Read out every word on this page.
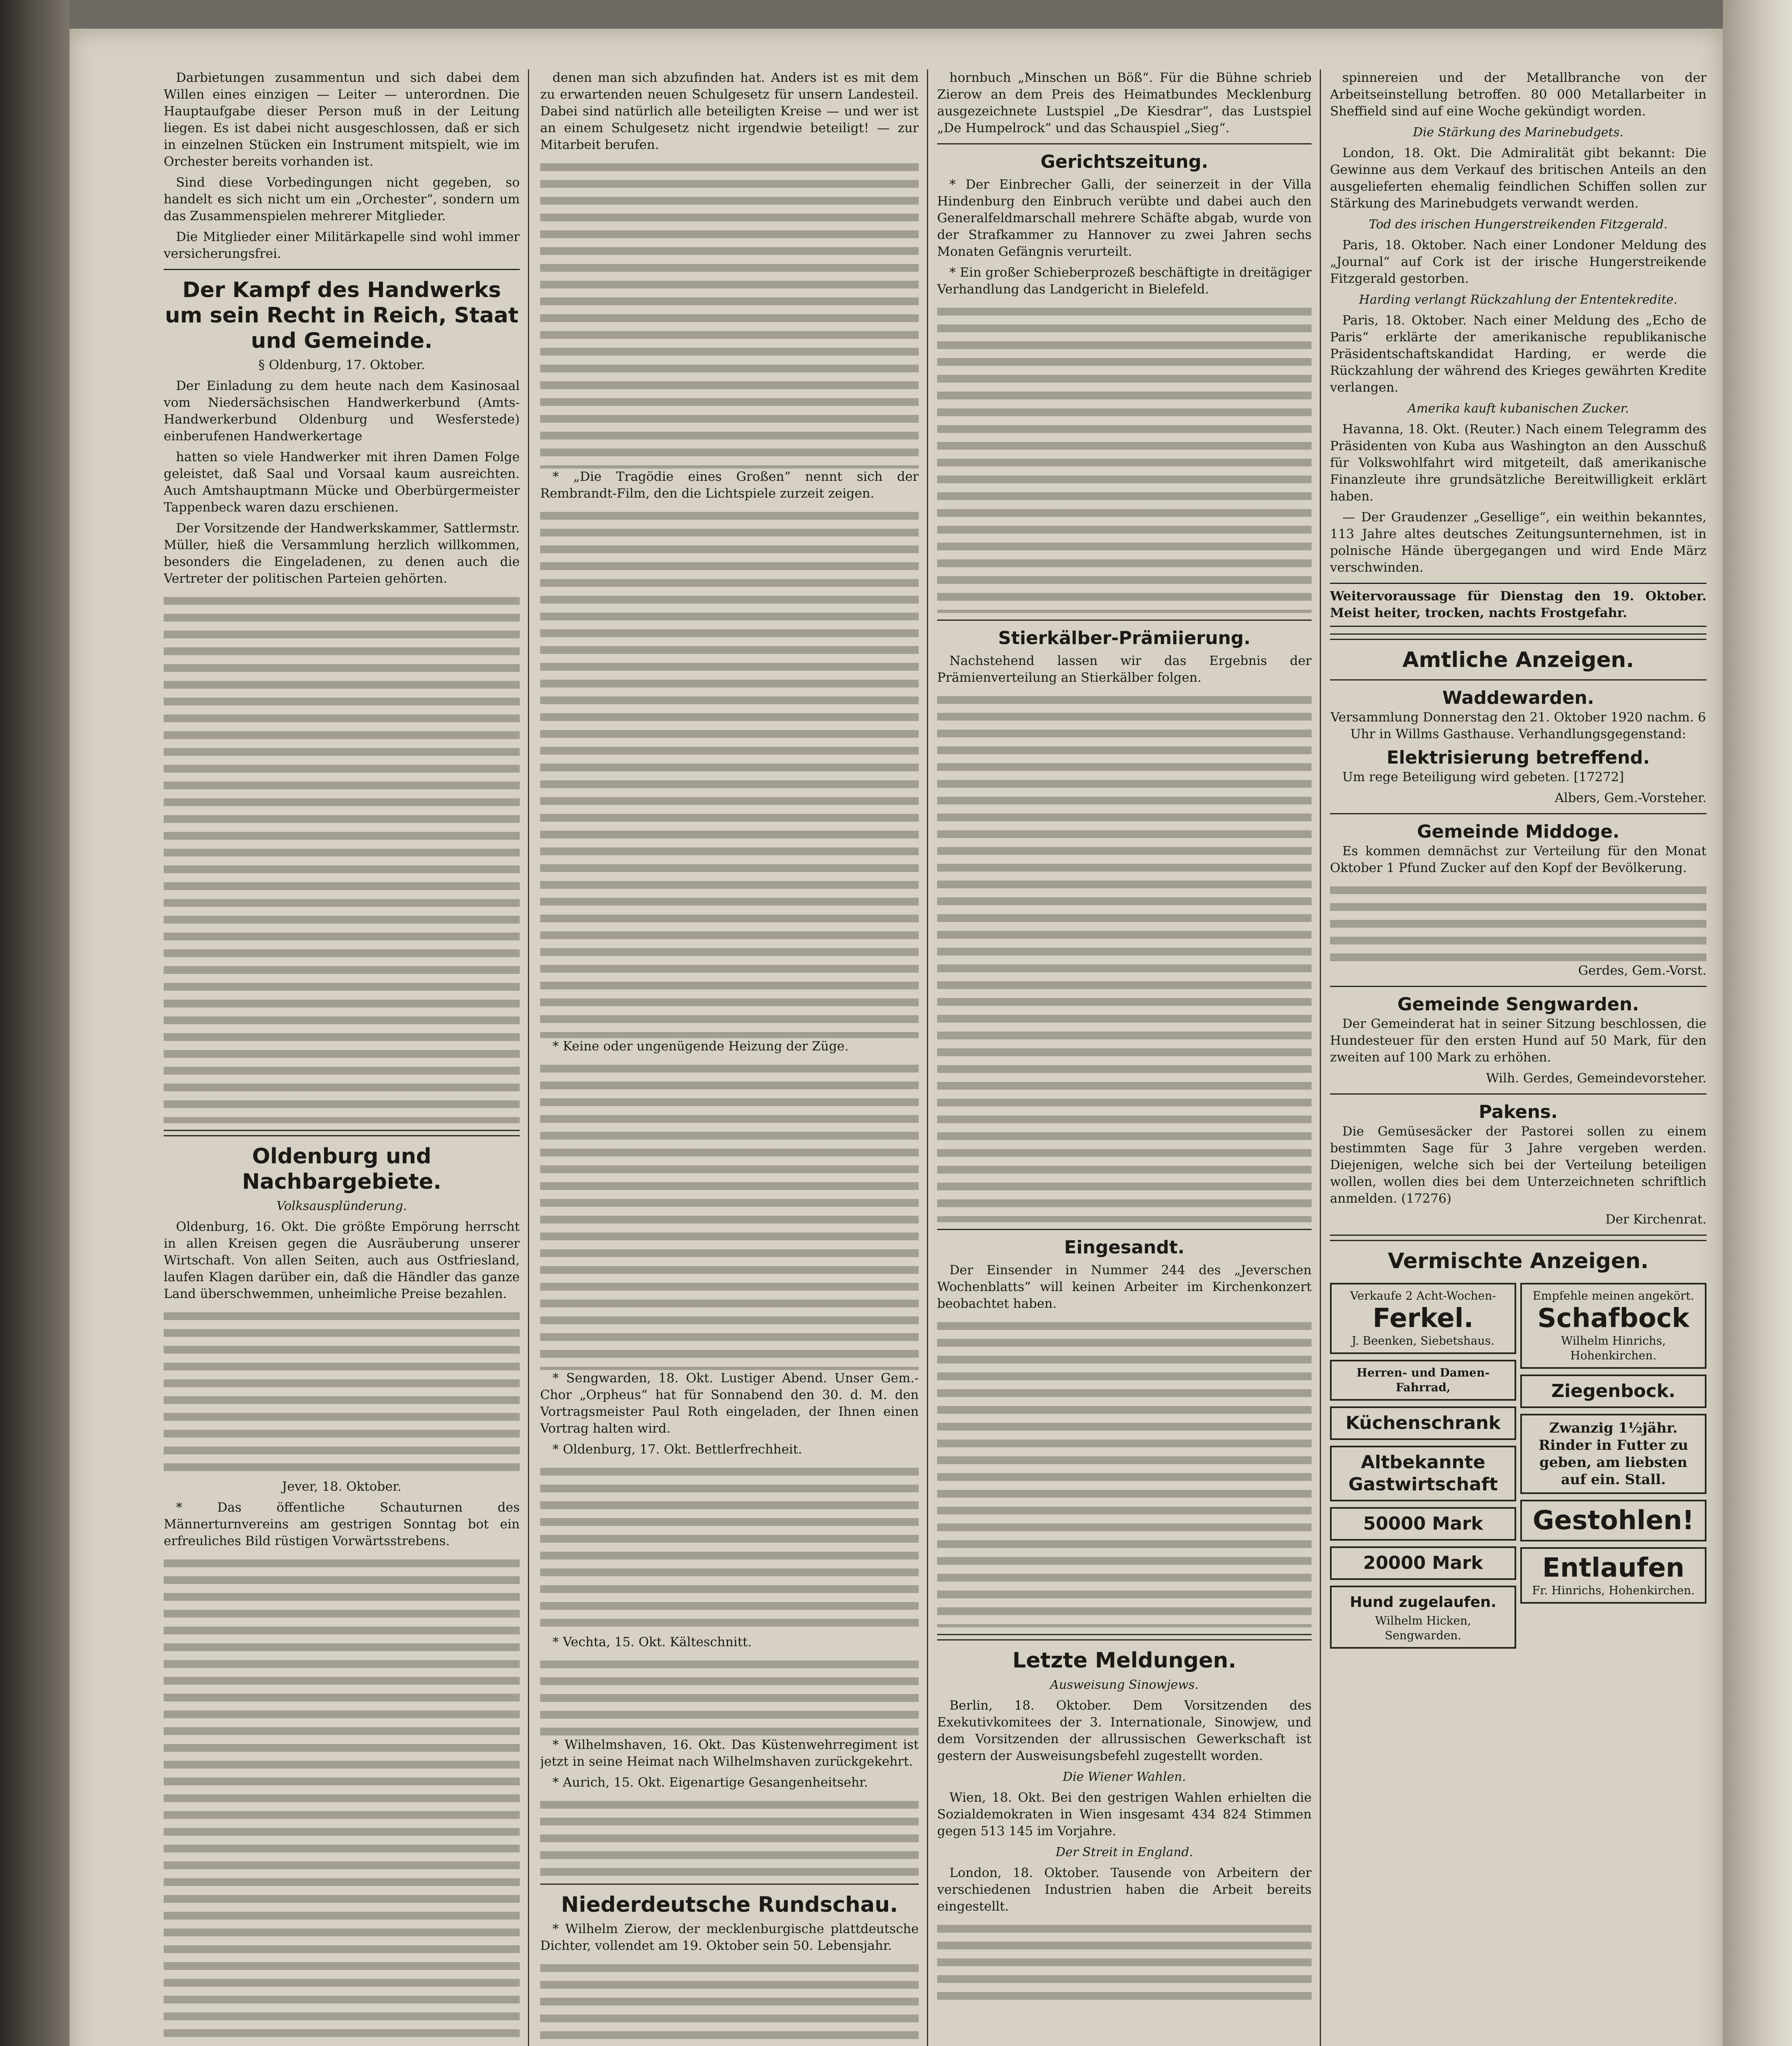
Darbietungen zusammentun und sich dabei dem Willen eines einzigen — Leiter — unterordnen. Die Hauptaufgabe dieser Person muß in der Leitung liegen. Es ist dabei nicht ausgeschlossen, daß er sich in einzelnen Stücken ein Instrument mitspielt, wie im Orchester bereits vorhanden ist.

Sind diese Vorbedingungen nicht gegeben, so handelt es sich nicht um ein „Orchester“, sondern um das Zusammenspielen mehrerer Mitglieder.

Die Mitglieder einer Militärkapelle sind wohl immer versicherungsfrei.

Der Kampf des Handwerks um sein Recht in Reich, Staat und Gemeinde.

§ Oldenburg, 17. Oktober.

Der Einladung zu dem heute nach dem Kasinosaal vom Niedersächsischen Handwerkerbund (Amts-Handwerkerbund Oldenburg und Wesferstede) einberufenen Handwerkertage

hatten so viele Handwerker mit ihren Damen Folge geleistet, daß Saal und Vorsaal kaum ausreichten. Auch Amtshauptmann Mücke und Oberbürgermeister Tappenbeck waren dazu erschienen.

Der Vorsitzende der Handwerkskammer, Sattlermstr. Müller, hieß die Versammlung herzlich willkommen, besonders die Eingeladenen, zu denen auch die Vertreter der politischen Parteien gehörten.

Oldenburg und Nachbargebiete.
Volksausplünderung.

Oldenburg, 16. Okt. Die größte Empörung herrscht in allen Kreisen gegen die Ausräuberung unserer Wirtschaft. Von allen Seiten, auch aus Ostfriesland, laufen Klagen darüber ein, daß die Händler das ganze Land überschwemmen, unheimliche Preise bezahlen.

Jever, 18. Oktober.

* Das öffentliche Schauturnen des Männerturnvereins am gestrigen Sonntag bot ein erfreuliches Bild rüstigen Vorwärtsstrebens.

denen man sich abzufinden hat. Anders ist es mit dem zu erwartenden neuen Schulgesetz für unsern Landesteil. Dabei sind natürlich alle beteiligten Kreise — und wer ist an einem Schulgesetz nicht irgendwie beteiligt! — zur Mitarbeit berufen.

* „Die Tragödie eines Großen“ nennt sich der Rembrandt-Film, den die Lichtspiele zurzeit zeigen.

* Keine oder ungenügende Heizung der Züge.

* Sengwarden, 18. Okt. Lustiger Abend. Unser Gem.-Chor „Orpheus“ hat für Sonnabend den 30. d. M. den Vortragsmeister Paul Roth eingeladen, der Ihnen einen Vortrag halten wird.

* Oldenburg, 17. Okt. Bettlerfrechheit.

* Vechta, 15. Okt. Kälteschnitt.

* Wilhelmshaven, 16. Okt. Das Küstenwehrregiment ist jetzt in seine Heimat nach Wilhelmshaven zurückgekehrt.

* Aurich, 15. Okt. Eigenartige Gesangenheitsehr.

Niederdeutsche Rundschau.

* Wilhelm Zierow, der mecklenburgische plattdeutsche Dichter, vollendet am 19. Oktober sein 50. Lebensjahr.

hornbuch „Minschen un Böß“. Für die Bühne schrieb Zierow an dem Preis des Heimatbundes Mecklenburg ausgezeichnete Lustspiel „De Kiesdrar“, das Lustspiel „De Humpelrock“ und das Schauspiel „Sieg“.

Gerichtszeitung.

* Der Einbrecher Galli, der seinerzeit in der Villa Hindenburg den Einbruch verübte und dabei auch den Generalfeldmarschall mehrere Schäfte abgab, wurde von der Strafkammer zu Hannover zu zwei Jahren sechs Monaten Gefängnis verurteilt.

* Ein großer Schieberprozeß beschäftigte in dreitägiger Verhandlung das Landgericht in Bielefeld.

Stierkälber-Prämiierung.

Nachstehend lassen wir das Ergebnis der Prämienverteilung an Stierkälber folgen.

Eingesandt.

Der Einsender in Nummer 244 des „Jeverschen Wochenblatts“ will keinen Arbeiter im Kirchenkonzert beobachtet haben.

Letzte Meldungen.
Ausweisung Sinowjews.

Berlin, 18. Oktober. Dem Vorsitzenden des Exekutivkomitees der 3. Internationale, Sinowjew, und dem Vorsitzenden der allrussischen Gewerkschaft ist gestern der Ausweisungsbefehl zugestellt worden.

Die Wiener Wahlen.

Wien, 18. Okt. Bei den gestrigen Wahlen erhielten die Sozialdemokraten in Wien insgesamt 434 824 Stimmen gegen 513 145 im Vorjahre.

Der Streit in England.

London, 18. Oktober. Tausende von Arbeitern der verschiedenen Industrien haben die Arbeit bereits eingestellt.

spinnereien und der Metallbranche von der Arbeitseinstellung betroffen. 80 000 Metallarbeiter in Sheffield sind auf eine Woche gekündigt worden.

Die Stärkung des Marinebudgets.

London, 18. Okt. Die Admiralität gibt bekannt: Die Gewinne aus dem Verkauf des britischen Anteils an den ausgelieferten ehemalig feindlichen Schiffen sollen zur Stärkung des Marinebudgets verwandt werden.

Tod des irischen Hungerstreikenden Fitzgerald.

Paris, 18. Oktober. Nach einer Londoner Meldung des „Journal“ auf Cork ist der irische Hungerstreikende Fitzgerald gestorben.

Harding verlangt Rückzahlung der Ententekredite.

Paris, 18. Oktober. Nach einer Meldung des „Echo de Paris“ erklärte der amerikanische republikanische Präsidentschaftskandidat Harding, er werde die Rückzahlung der während des Krieges gewährten Kredite verlangen.

Amerika kauft kubanischen Zucker.

Havanna, 18. Okt. (Reuter.) Nach einem Telegramm des Präsidenten von Kuba aus Washington an den Ausschuß für Volkswohlfahrt wird mitgeteilt, daß amerikanische Finanzleute ihre grundsätzliche Bereitwilligkeit erklärt haben.

— Der Graudenzer „Gesellige“, ein weithin bekanntes, 113 Jahre altes deutsches Zeitungsunternehmen, ist in polnische Hände übergegangen und wird Ende März verschwinden.

Weitervoraussage für Dienstag den 19. Oktober. Meist heiter, trocken, nachts Frostgefahr.

Amtliche Anzeigen.
Waddewarden.

Versammlung Donnerstag den 21. Oktober 1920 nachm. 6 Uhr in Willms Gasthause. Verhandlungsgegenstand:

Elektrisierung betreffend.

Um rege Beteiligung wird gebeten. [17272]

Albers, Gem.-Vorsteher.

Gemeinde Middoge.

Es kommen demnächst zur Verteilung für den Monat Oktober 1 Pfund Zucker auf den Kopf der Bevölkerung.

Gerdes, Gem.-Vorst.

Gemeinde Sengwarden.

Der Gemeinderat hat in seiner Sitzung beschlossen, die Hundesteuer für den ersten Hund auf 50 Mark, für den zweiten auf 100 Mark zu erhöhen.

Wilh. Gerdes, Gemeindevorsteher.

Pakens.

Die Gemüsesäcker der Pastorei sollen zu einem bestimmten Sage für 3 Jahre vergeben werden. Diejenigen, welche sich bei der Verteilung beteiligen wollen, wollen dies bei dem Unterzeichneten schriftlich anmelden. (17276)

Der Kirchenrat.

Vermischte Anzeigen.
Verkaufe 2 Acht-Wochen-
Ferkel.
J. Beenken, Siebetshaus.
Herren- und Damen-Fahrrad,
Küchenschrank
Altbekannte
Gastwirtschaft
50000 Mark
20000 Mark
Hund zugelaufen.
Wilhelm Hicken, Sengwarden.
Empfehle meinen angekört.
Schafbock
Wilhelm Hinrichs, Hohenkirchen.
Ziegenbock.
Zwanzig 1½jähr. Rinder in Futter zu geben, am liebsten auf ein. Stall.
Gestohlen!
Entlaufen
Fr. Hinrichs, Hohenkirchen.
